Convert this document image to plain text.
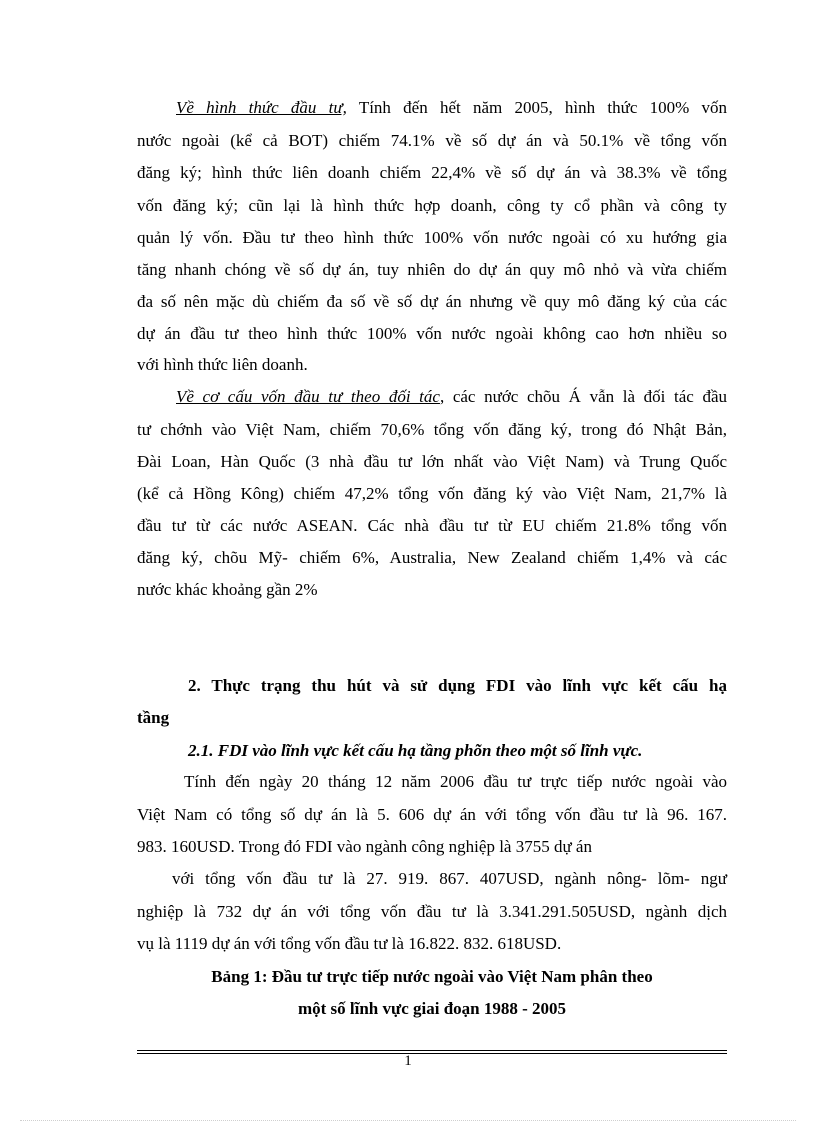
Về hình thức đầu tư, Tính đến hết năm 2005, hình thức 100% vốn
nước ngoài (kể cả BOT) chiếm 74.1% về số dự án và 50.1% về tổng vốn
đăng ký; hình thức liên doanh chiếm 22,4% về số dự án và 38.3% về tổng
vốn đăng ký; cũn lại là hình thức hợp doanh, công ty cổ phần và công ty
quản lý vốn. Đầu tư theo hình thức 100% vốn nước ngoài có xu hướng gia
tăng nhanh chóng về số dự án, tuy nhiên do dự án quy mô nhỏ và vừa chiếm
đa số nên mặc dù chiếm đa số về số dự án nhưng về quy mô đăng ký của các
dự án đầu tư theo hình thức 100% vốn nước ngoài không cao hơn nhiều so
với hình thức liên doanh.
Về cơ cấu vốn đầu tư theo đối tác, các nước chõu Á vẫn là đối tác đầu
tư chớnh vào Việt Nam, chiếm 70,6% tổng vốn đăng ký, trong đó Nhật Bản,
Đài Loan, Hàn Quốc (3 nhà đầu tư lớn nhất vào Việt Nam) và Trung Quốc
(kể cả Hồng Kông) chiếm 47,2% tổng vốn đăng ký vào Việt Nam, 21,7% là
đầu tư từ các nước ASEAN. Các nhà đầu tư từ EU chiếm 21.8% tổng vốn
đăng ký, chõu Mỹ- chiếm 6%, Australia, New Zealand chiếm 1,4% và các
nước khác khoảng gần 2%
2. Thực trạng thu hút và sử dụng FDI vào lĩnh vực kết cấu hạ
tầng
2.1. FDI vào lĩnh vực kết cấu hạ tầng phõn theo một số lĩnh vực.
Tính đến ngày 20 tháng 12 năm 2006 đầu tư trực tiếp nước ngoài vào
Việt Nam có tổng số dự án là 5. 606 dự án với tổng vốn đầu tư là 96. 167.
983. 160USD. Trong đó FDI vào ngành công nghiệp là 3755 dự án
với tổng vốn đầu tư là 27. 919. 867. 407USD, ngành nông- lõm- ngư
nghiệp là 732 dự án với tổng vốn đầu tư là 3.341.291.505USD, ngành dịch
vụ là 1119 dự án với tổng vốn đầu tư là 16.822. 832. 618USD.
Bảng 1: Đầu tư trực tiếp nước ngoài vào Việt Nam phân theo
một số lĩnh vực giai đoạn 1988 - 2005
1
